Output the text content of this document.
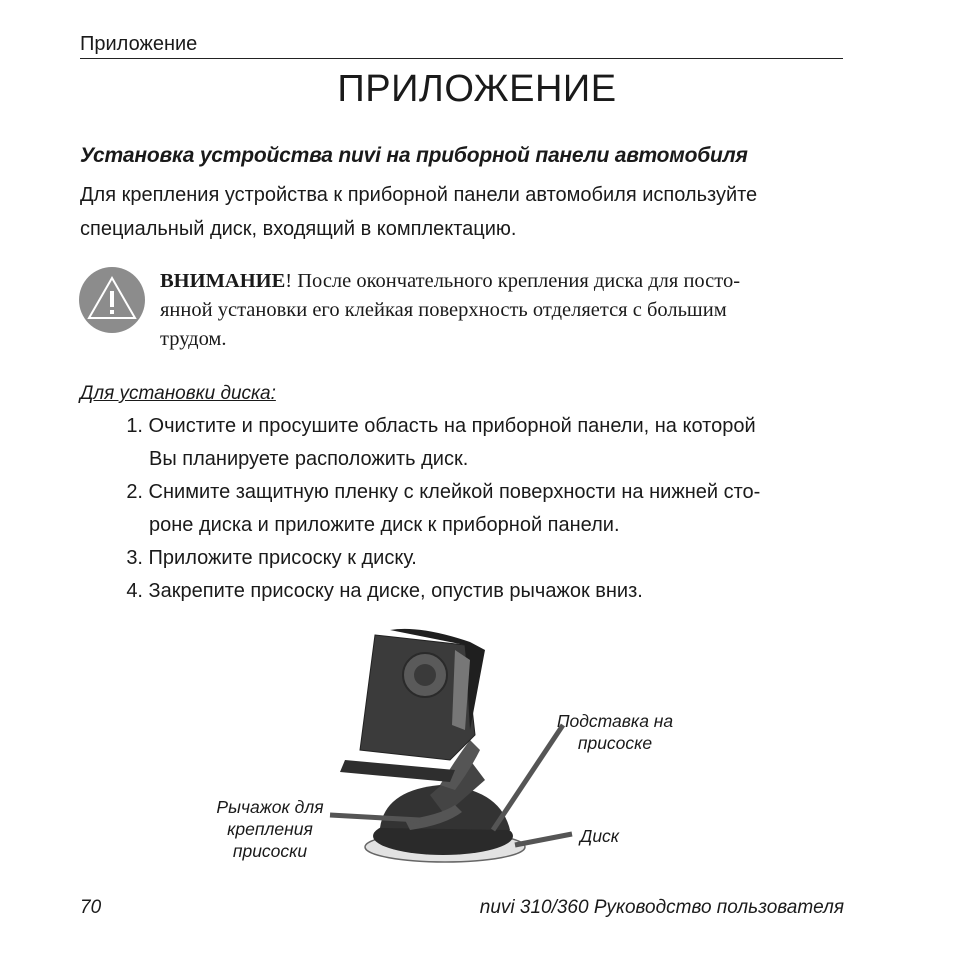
Приложение
ПРИЛОЖЕНИЕ
Установка устройства nuvi на приборной панели автомобиля
Для крепления устройства к приборной панели автомобиля используйте
специальный диск, входящий в комплектацию.
ВНИМАНИЕ! После окончательного крепления диска для посто-
янной установки его клейкая поверхность отделяется с большим
трудом.
Для установки диска:
1. Очистите и просушите область на приборной панели, на которой
Вы планируете расположить диск.
2. Снимите защитную пленку с клейкой поверхности на нижней сто-
роне диска и приложите диск к приборной панели.
3. Приложите присоску к диску.
4. Закрепите присоску на диске, опустив рычажок вниз.
Подставка на
присоске
Рычажок для
крепления
присоски
Диск
70	nuvi 310/360 Руководство пользователя
